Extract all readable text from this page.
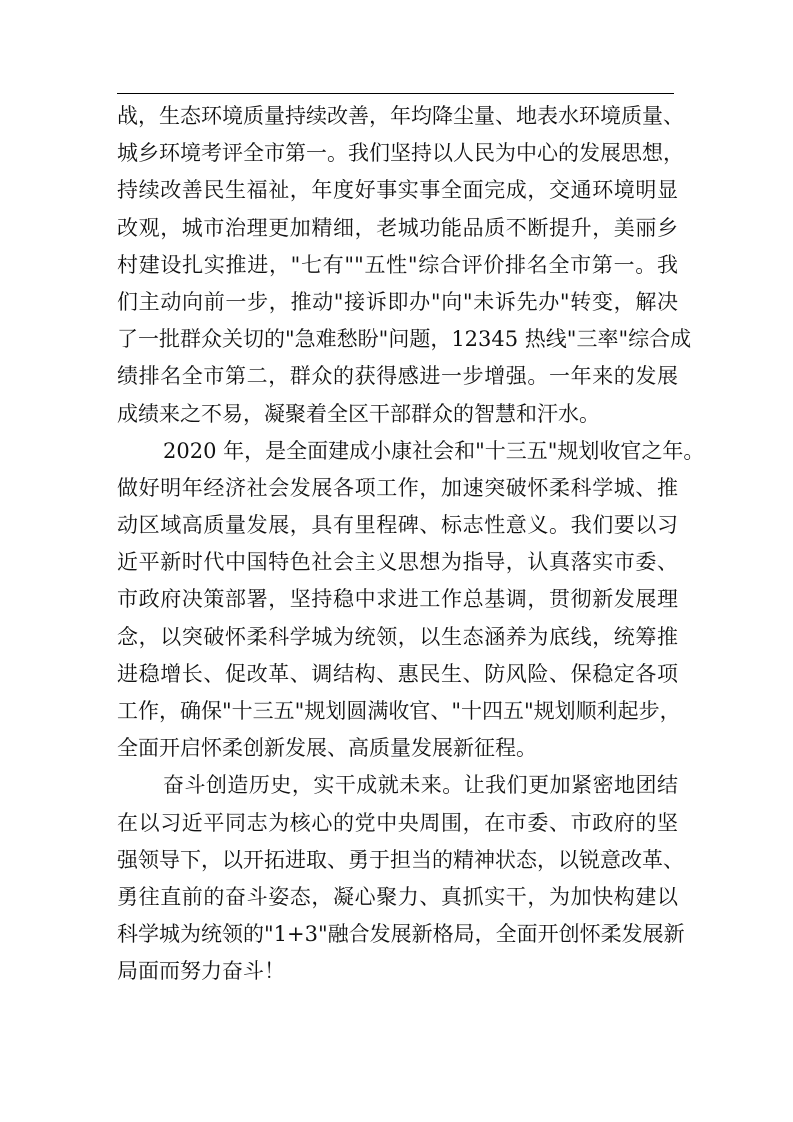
战，生态环境质量持续改善，年均降尘量、地表水环境质量、
城乡环境考评全市第一。我们坚持以人民为中心的发展思想，
持续改善民生福祉，年度好事实事全面完成，交通环境明显
改观，城市治理更加精细，老城功能品质不断提升，美丽乡
村建设扎实推进，"七有""五性"综合评价排名全市第一。我
们主动向前一步，推动"接诉即办"向"未诉先办"转变，解决
了一批群众关切的"急难愁盼"问题，12345 热线"三率"综合成
绩排名全市第二，群众的获得感进一步增强。一年来的发展
成绩来之不易，凝聚着全区干部群众的智慧和汗水。
2020 年，是全面建成小康社会和"十三五"规划收官之年。
做好明年经济社会发展各项工作，加速突破怀柔科学城、推
动区域高质量发展，具有里程碑、标志性意义。我们要以习
近平新时代中国特色社会主义思想为指导，认真落实市委、
市政府决策部署，坚持稳中求进工作总基调，贯彻新发展理
念，以突破怀柔科学城为统领，以生态涵养为底线，统筹推
进稳增长、促改革、调结构、惠民生、防风险、保稳定各项
工作，确保"十三五"规划圆满收官、"十四五"规划顺利起步，
全面开启怀柔创新发展、高质量发展新征程。
奋斗创造历史，实干成就未来。让我们更加紧密地团结
在以习近平同志为核心的党中央周围，在市委、市政府的坚
强领导下，以开拓进取、勇于担当的精神状态，以锐意改革、
勇往直前的奋斗姿态，凝心聚力、真抓实干，为加快构建以
科学城为统领的"1+3"融合发展新格局，全面开创怀柔发展新
局面而努力奋斗！
